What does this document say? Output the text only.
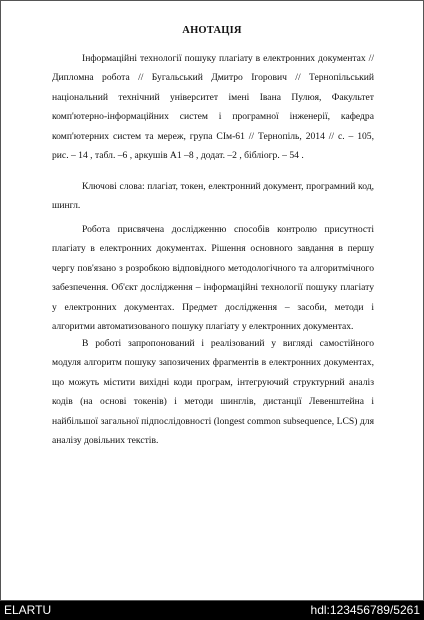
АНОТАЦІЯ

Інформаційні технології пошуку плагіату в електронних документах // Дипломна робота // Бугальський Дмитро Ігорович // Тернопільський національний технічний університет імені Івана Пулюя, Факультет комп'ютерно-інформаційних систем і програмної інженерії, кафедра комп'ютерних систем та мереж, група СІм-61 // Тернопіль, 2014 // с. – 105, рис. – 14 , табл. –6 , аркушів А1 –8 , додат. –2 , бібліогр. – 54 .

Ключові слова: плагіат, токен, електронний документ, програмний код, шингл.

Робота присвячена дослідженню способів контролю присутності плагіату в електронних документах. Рішення основного завдання в першу чергу пов'язано з розробкою відповідного методологічного та алгоритмічного забезпечення. Об'єкт дослідження – інформаційні технології пошуку плагіату у електронних документах. Предмет дослідження – засоби, методи і алгоритми автоматизованого пошуку плагіату у електронних документах.

В роботі запропонований і реалізований у вигляді самостійного модуля алгоритм пошуку запозичених фрагментів в електронних документах, що можуть містити вихідні коди програм, інтегруючий структурний аналіз кодів (на основі токенів) і методи шинглів, дистанції Левенштейна і найбільшої загальної підпослідовності (longest common subsequence, LCS) для аналізу довільних текстів.

ELARTU	hdl:123456789/5261
